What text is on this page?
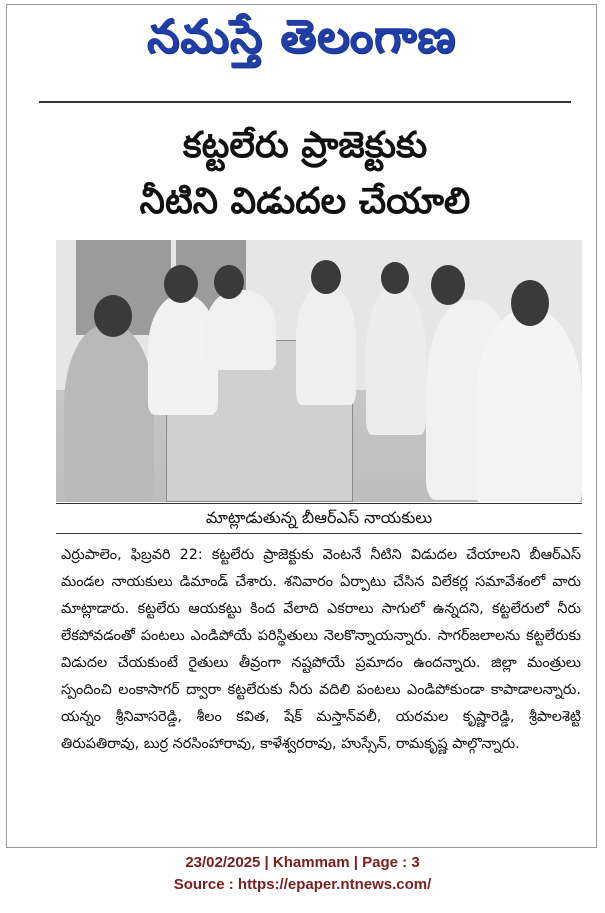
నమస్తే తెలంగాణ
కట్టలేరు ప్రాజెక్టుకు
నీటిని విడుదల చేయాలి
మాట్లాడుతున్న బీఆర్ఎస్ నాయకులు
ఎర్రుపాలెం, ఫిబ్రవరి 22: కట్టలేరు ప్రాజెక్టుకు వెంటనే నీటిని విడుదల చేయాలని బీఆర్ఎస్ మండల నాయకులు డిమాండ్ చేశారు. శనివారం ఏర్పాటు చేసిన విలేకర్ల సమావేశంలో వారు మాట్లాడారు. కట్టలేరు ఆయకట్టు కింద వేలాది ఎకరాలు సాగులో ఉన్నదని, కట్టలేరులో నీరు లేకపోవడంతో పంటలు ఎండిపోయే పరిస్థితులు నెలకొన్నాయన్నారు. సాగర్‌జలాలను కట్టలేరుకు విడుదల చేయకుంటే రైతులు తీవ్రంగా నష్టపోయే ప్రమాదం ఉందన్నారు. జిల్లా మంత్రులు స్పందించి లంకాసాగర్ ద్వారా కట్టలేరుకు నీరు వదిలి పంటలు ఎండిపోకుండా కాపాడాలన్నారు. యన్నం శ్రీనివాసరెడ్డి, శీలం కవిత, షేక్ మస్తాన్‌వలీ, యరమల కృష్ణారెడ్డి, శ్రీపాలశెట్టి తిరుపతిరావు, బుర్ర నరసింహారావు, కాళేశ్వరరావు, హుస్సేన్, రామకృష్ణ పాల్గొన్నారు.
23/02/2025 | Khammam | Page : 3
Source : https://epaper.ntnews.com/
